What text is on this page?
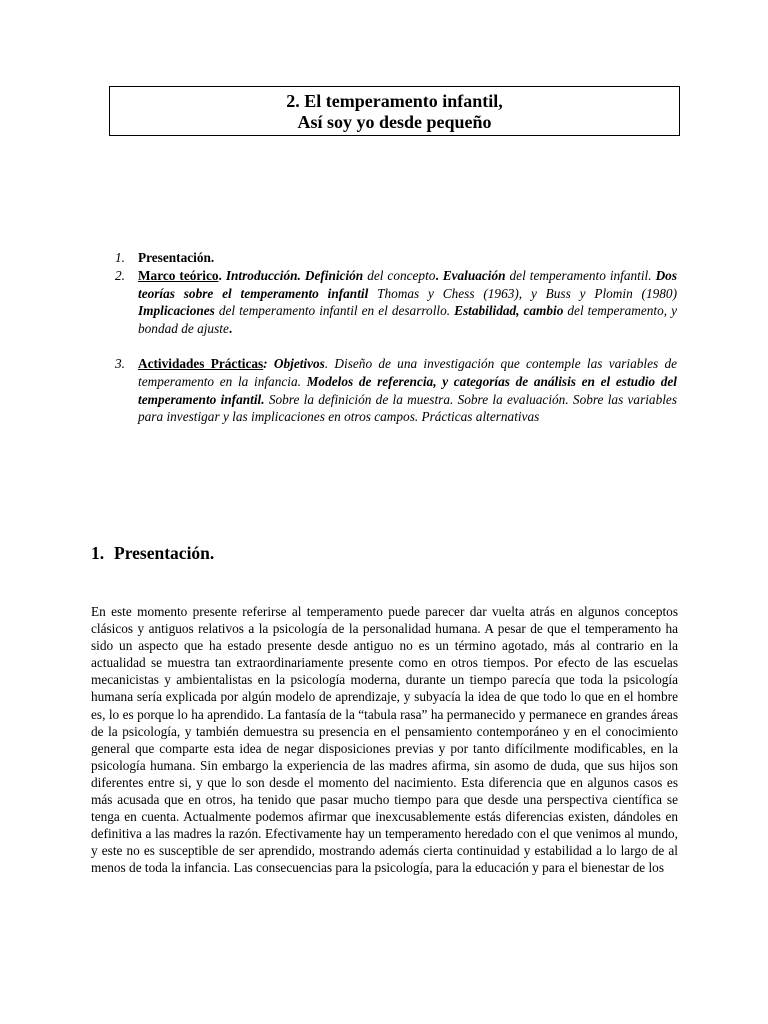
2. El temperamento infantil,
Así soy yo desde pequeño
1. Presentación.
2. Marco teórico. Introducción. Definición del concepto. Evaluación del temperamento infantil. Dos teorías sobre el temperamento infantil Thomas y Chess (1963), y Buss y Plomin (1980) Implicaciones del temperamento infantil en el desarrollo. Estabilidad, cambio del temperamento, y bondad de ajuste.
3. Actividades Prácticas: Objetivos. Diseño de una investigación que contemple las variables de temperamento en la infancia. Modelos de referencia, y categorías de análisis en el estudio del temperamento infantil. Sobre la definición de la muestra. Sobre la evaluación. Sobre las variables para investigar y las implicaciones en otros campos. Prácticas alternativas
1. Presentación.

En este momento presente referirse al temperamento puede parecer dar vuelta atrás en algunos conceptos clásicos y antiguos relativos a la psicología de la personalidad humana. A pesar de que el temperamento ha sido un aspecto que ha estado presente desde antiguo no es un término agotado, más al contrario en la actualidad se muestra tan extraordinariamente presente como en otros tiempos. Por efecto de las escuelas mecanicistas y ambientalistas en la psicología moderna, durante un tiempo parecía que toda la psicología humana sería explicada por algún modelo de aprendizaje, y subyacía la idea de que todo lo que en el hombre es, lo es porque lo ha aprendido. La fantasía de la “tabula rasa” ha permanecido y permanece en grandes áreas de la psicología, y también demuestra su presencia en el pensamiento contemporáneo y en el conocimiento general que comparte esta idea de negar disposiciones previas y por tanto difícilmente modificables, en la psicología humana. Sin embargo la experiencia de las madres afirma, sin asomo de duda, que sus hijos son diferentes entre si, y que lo son desde el momento del nacimiento. Esta diferencia que en algunos casos es más acusada que en otros, ha tenido que pasar mucho tiempo para que desde una perspectiva científica se tenga en cuenta. Actualmente podemos afirmar que inexcusablemente estás diferencias existen, dándoles en definitiva a las madres la razón. Efectivamente hay un temperamento heredado con el que venimos al mundo, y este no es susceptible de ser aprendido, mostrando además cierta continuidad y estabilidad a lo largo de al menos de toda la infancia. Las consecuencias para la psicología, para la educación y para el bienestar de los
